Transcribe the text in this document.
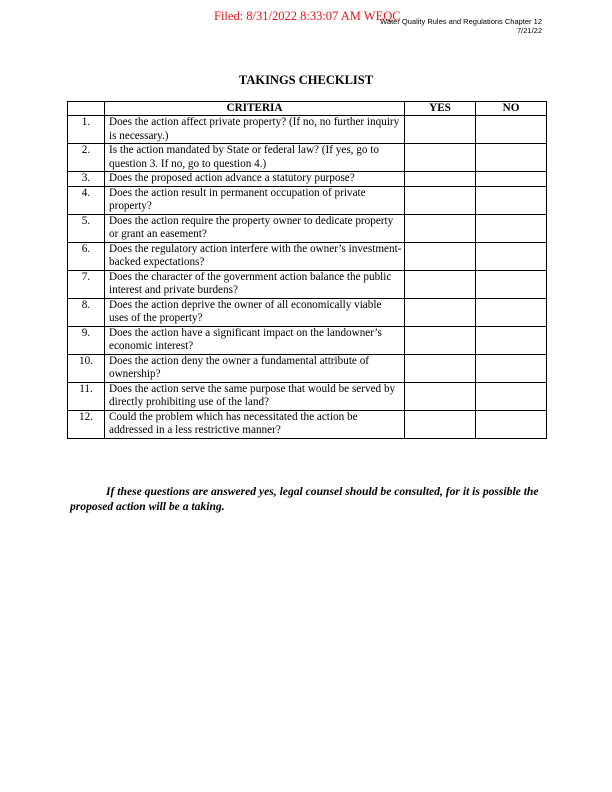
Filed: 8/31/2022 8:33:07 AM WEQC
Water Quality Rules and Regulations Chapter 12
7/21/22
TAKINGS CHECKLIST
	CRITERIA	YES	NO
1.	Does the action affect private property? (If no, no further inquiry is necessary.)		
2.	Is the action mandated by State or federal law? (If yes, go to question 3. If no, go to question 4.)		
3.	Does the proposed action advance a statutory purpose?		
4.	Does the action result in permanent occupation of private property?		
5.	Does the action require the property owner to dedicate property or grant an easement?		
6.	Does the regulatory action interfere with the owner’s investment-backed expectations?		
7.	Does the character of the government action balance the public interest and private burdens?		
8.	Does the action deprive the owner of all economically viable uses of the property?		
9.	Does the action have a significant impact on the landowner’s economic interest?		
10.	Does the action deny the owner a fundamental attribute of ownership?		
11.	Does the action serve the same purpose that would be served by directly prohibiting use of the land?		
12.	Could the problem which has necessitated the action be addressed in a less restrictive manner?		
If these questions are answered yes, legal counsel should be consulted, for it is possible the proposed action will be a taking.
